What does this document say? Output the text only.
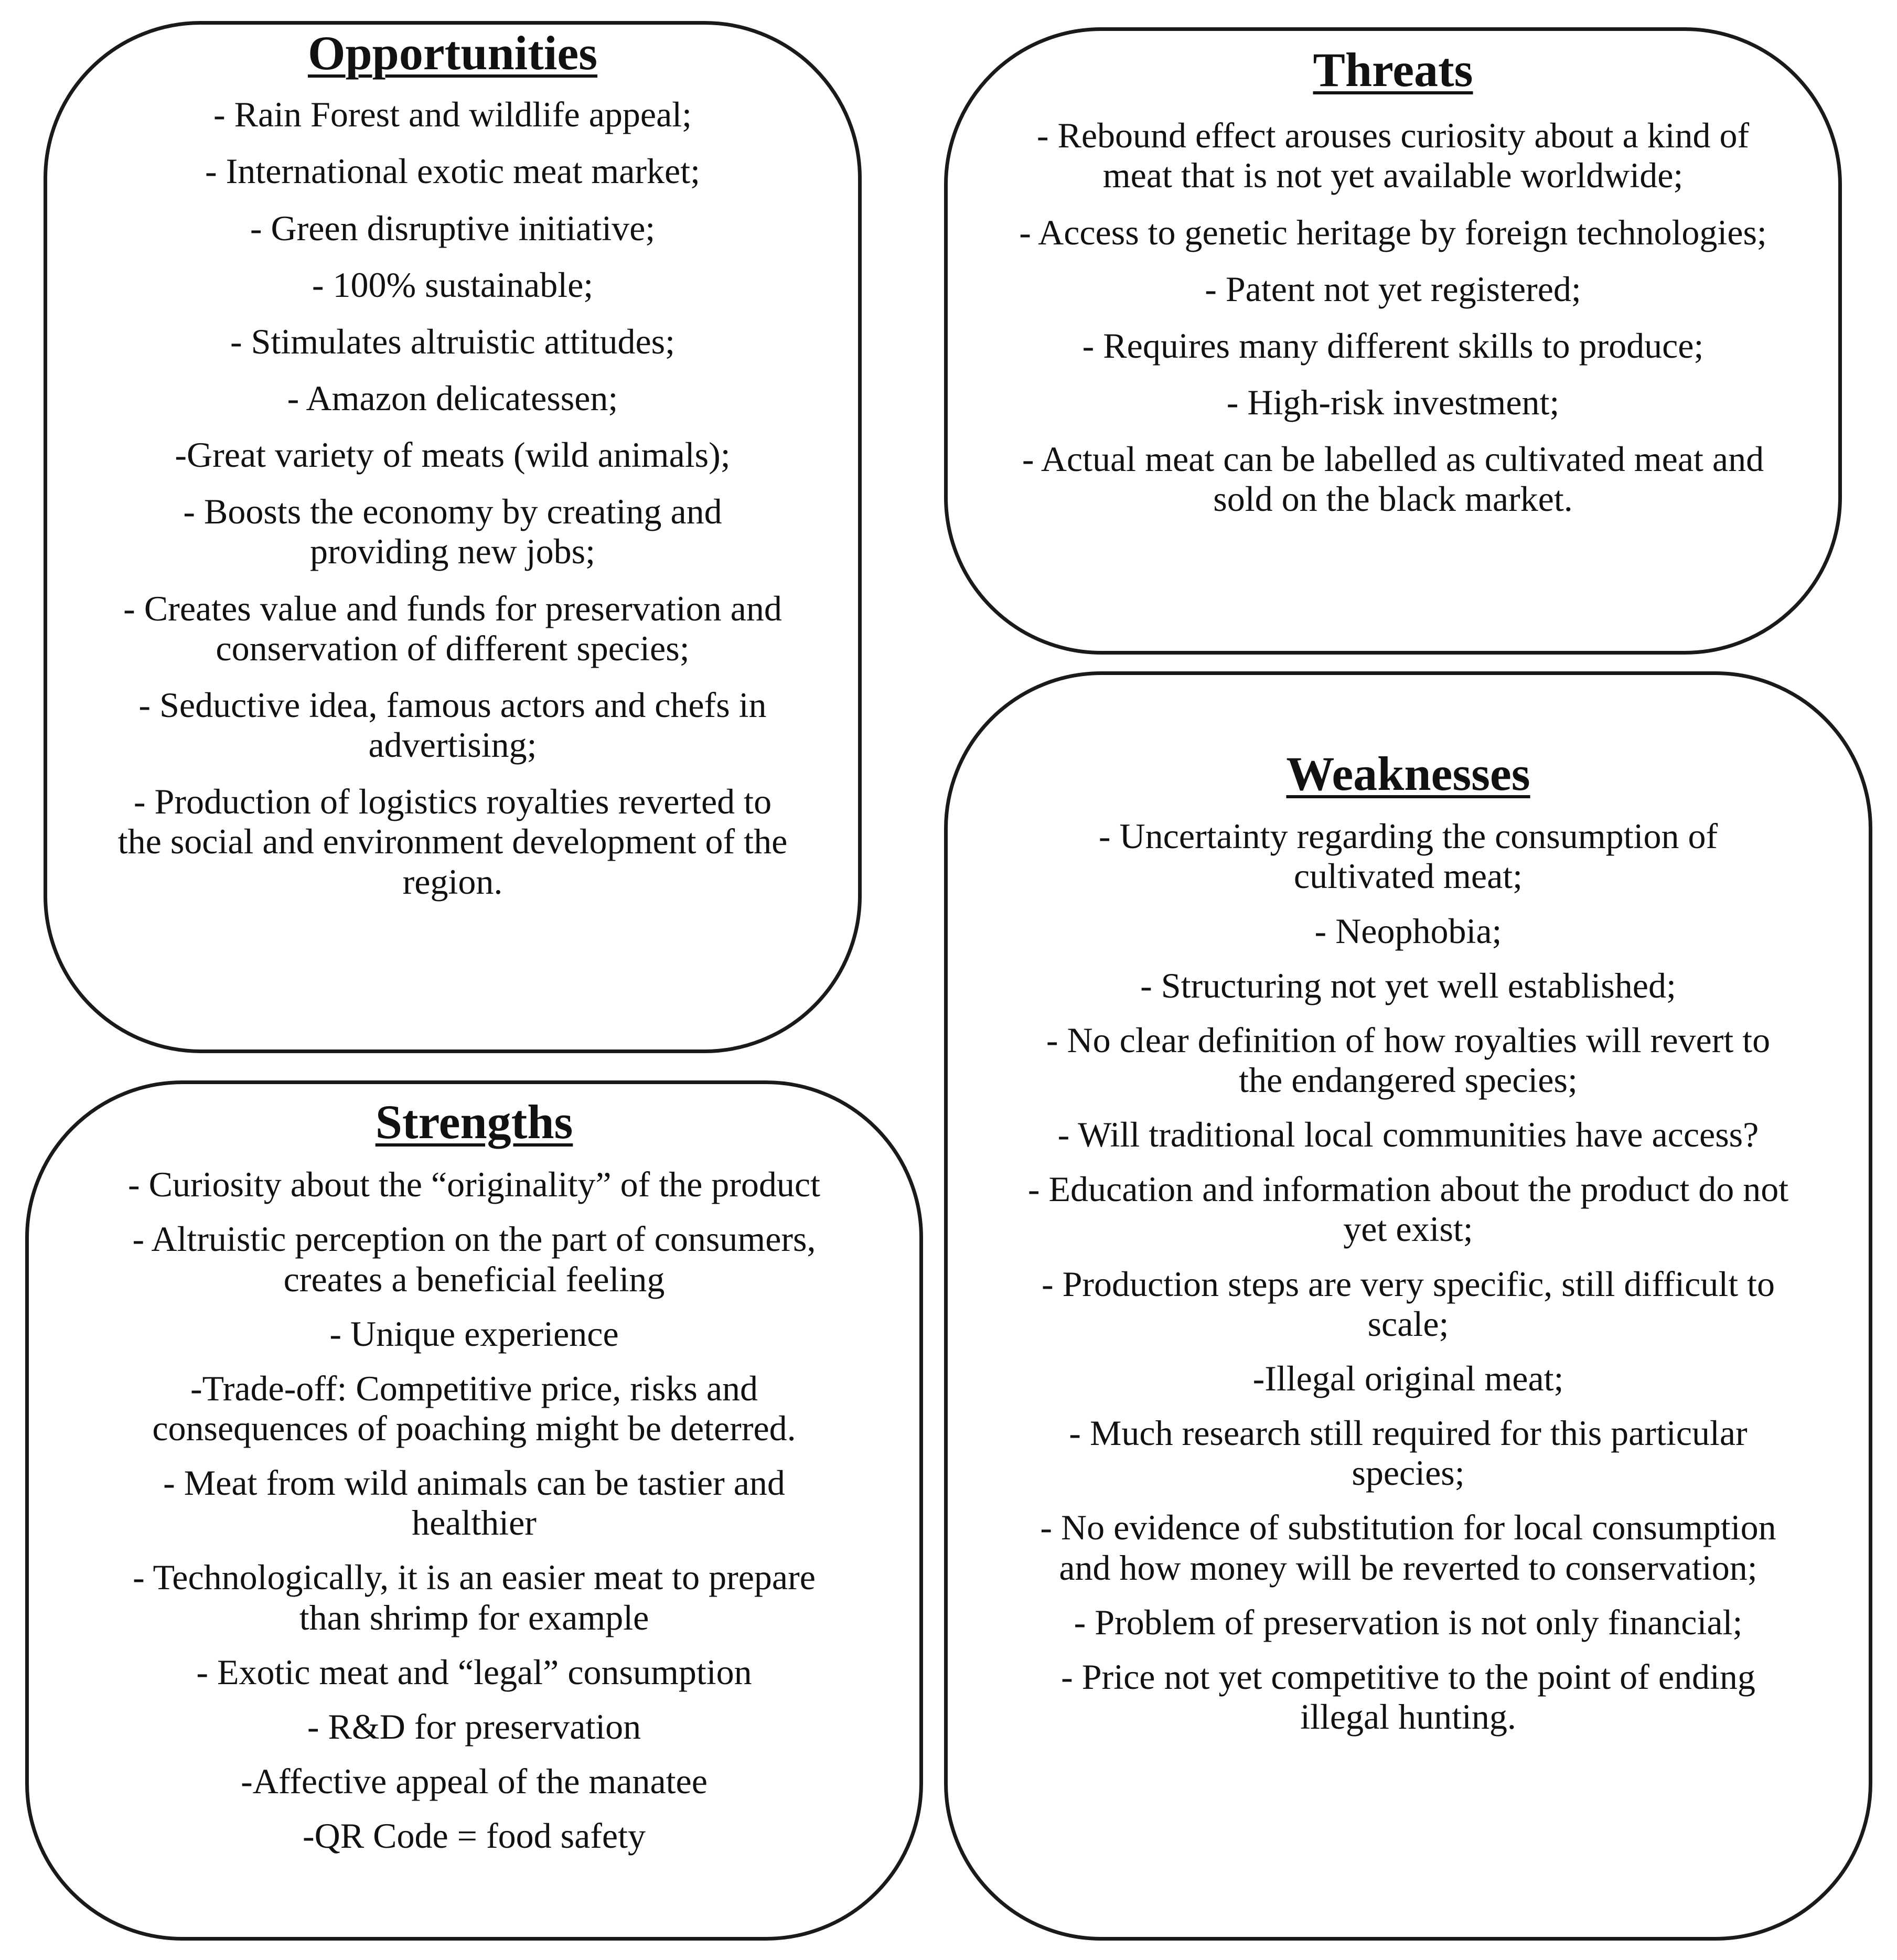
Opportunities
- Rain Forest and wildlife appeal;
- International exotic meat market;
- Green disruptive initiative;
- 100% sustainable;
- Stimulates altruistic attitudes;
- Amazon delicatessen;
-Great variety of meats (wild animals);
- Boosts the economy by creating and providing new jobs;
- Creates value and funds for preservation and conservation of different species;
- Seductive idea, famous actors and chefs in advertising;
- Production of logistics royalties reverted to the social and environment development of the region.
Threats
- Rebound effect arouses curiosity about a kind of meat that is not yet available worldwide;
- Access to genetic heritage by foreign technologies;
- Patent not yet registered;
- Requires many different skills to produce;
- High-risk investment;
- Actual meat can be labelled as cultivated meat and sold on the black market.
Weaknesses
- Uncertainty regarding the consumption of cultivated meat;
- Neophobia;
- Structuring not yet well established;
- No clear definition of how royalties will revert to the endangered species;
- Will traditional local communities have access?
- Education and information about the product do not yet exist;
- Production steps are very specific, still difficult to scale;
-Illegal original meat;
- Much research still required for this particular species;
- No evidence of substitution for local consumption and how money will be reverted to conservation;
- Problem of preservation is not only financial;
- Price not yet competitive to the point of ending illegal hunting.
Strengths
- Curiosity about the “originality” of the product
- Altruistic perception on the part of consumers, creates a beneficial feeling
- Unique experience
-Trade-off: Competitive price, risks and consequences of poaching might be deterred.
- Meat from wild animals can be tastier and healthier
- Technologically, it is an easier meat to prepare than shrimp for example
- Exotic meat and “legal” consumption
- R&D for preservation
-Affective appeal of the manatee
-QR Code = food safety
